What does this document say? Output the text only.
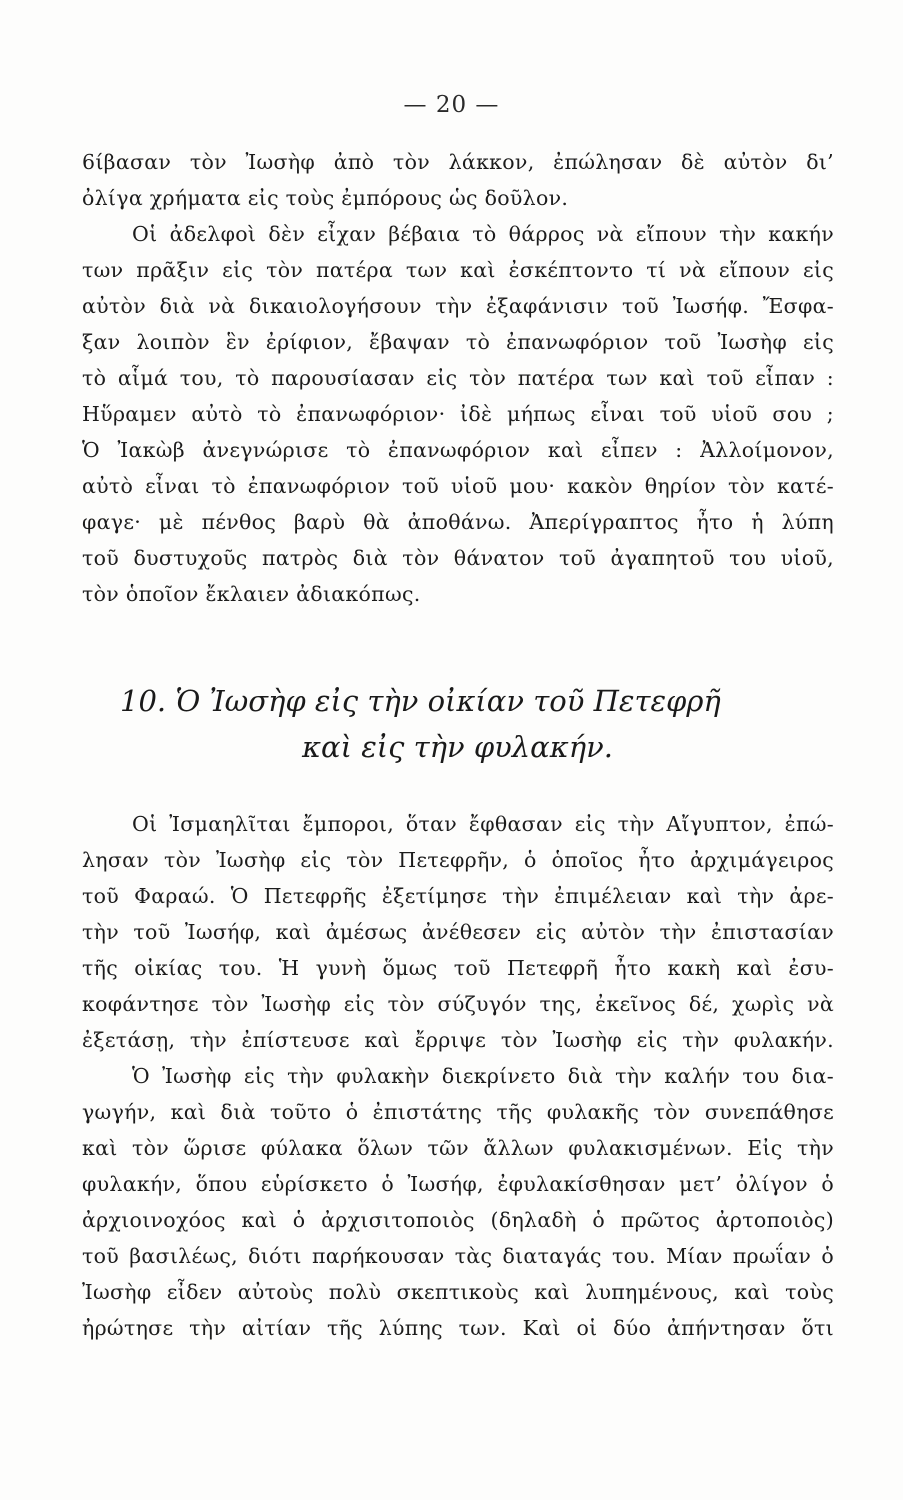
— 20 —
6ίβασαν τὸν Ἰωσὴφ ἀπὸ τὸν λάκκον, ἐπώλησαν δὲ αὐτὸν δι’
ὀλίγα χρήματα εἰς τοὺς ἐμπόρους ὡς δοῦλον.
Οἱ ἀδελφοὶ δὲν εἶχαν βέβαια τὸ θάρρος νὰ εἴπουν τὴν κακήν
των πρᾶξιν εἰς τὸν πατέρα των καὶ ἐσκέπτοντο τί νὰ εἴπουν εἰς
αὐτὸν διὰ νὰ δικαιολογήσουν τὴν ἐξαφάνισιν τοῦ Ἰωσήφ. Ἔσφα-
ξαν λοιπὸν ἓν ἐρίφιον, ἔβαψαν τὸ ἐπανωφόριον τοῦ Ἰωσὴφ εἰς
τὸ αἷμά του, τὸ παρουσίασαν εἰς τὸν πατέρα των καὶ τοῦ εἶπαν :
Ηὕραμεν αὐτὸ τὸ ἐπανωφόριον· ἰδὲ μήπως εἶναι τοῦ υἱοῦ σου ;
Ὁ Ἰακὼβ ἀνεγνώρισε τὸ ἐπανωφόριον καὶ εἶπεν : Ἀλλοίμονον,
αὐτὸ εἶναι τὸ ἐπανωφόριον τοῦ υἱοῦ μου· κακὸν θηρίον τὸν κατέ-
φαγε· μὲ πένθος βαρὺ θὰ ἀποθάνω. Ἀπερίγραπτος ἦτο ἡ λύπη
τοῦ δυστυχοῦς πατρὸς διὰ τὸν θάνατον τοῦ ἀγαπητοῦ του υἱοῦ,
τὸν ὁποῖον ἔκλαιεν ἀδιακόπως.
10. Ὁ Ἰωσὴφ εἰς τὴν οἰκίαν τοῦ Πετεφρῆ
καὶ εἰς τὴν φυλακήν.
Οἱ Ἰσμαηλῖται ἔμποροι, ὅταν ἔφθασαν εἰς τὴν Αἴγυπτον, ἐπώ-
λησαν τὸν Ἰωσὴφ εἰς τὸν Πετεφρῆν, ὁ ὁποῖος ἦτο ἀρχιμάγειρος
τοῦ Φαραώ. Ὁ Πετεφρῆς ἐξετίμησε τὴν ἐπιμέλειαν καὶ τὴν ἀρε-
τὴν τοῦ Ἰωσήφ, καὶ ἀμέσως ἀνέθεσεν εἰς αὐτὸν τὴν ἐπιστασίαν
τῆς οἰκίας του. Ἡ γυνὴ ὅμως τοῦ Πετεφρῆ ἦτο κακὴ καὶ ἐσυ-
κοφάντησε τὸν Ἰωσὴφ εἰς τὸν σύζυγόν της, ἐκεῖνος δέ, χωρὶς νὰ
ἐξετάσῃ, τὴν ἐπίστευσε καὶ ἔρριψε τὸν Ἰωσὴφ εἰς τὴν φυλακήν.
Ὁ Ἰωσὴφ εἰς τὴν φυλακὴν διεκρίνετο διὰ τὴν καλήν του δια-
γωγήν, καὶ διὰ τοῦτο ὁ ἐπιστάτης τῆς φυλακῆς τὸν συνεπάθησε
καὶ τὸν ὥρισε φύλακα ὅλων τῶν ἄλλων φυλακισμένων. Εἰς τὴν
φυλακήν, ὅπου εὑρίσκετο ὁ Ἰωσήφ, ἐφυλακίσθησαν μετ’ ὀλίγον ὁ
ἀρχιοινοχόος καὶ ὁ ἀρχισιτοποιὸς (δηλαδὴ ὁ πρῶτος ἀρτοποιὸς)
τοῦ βασιλέως, διότι παρήκουσαν τὰς διαταγάς του. Μίαν πρωΐαν ὁ
Ἰωσὴφ εἶδεν αὐτοὺς πολὺ σκεπτικοὺς καὶ λυπημένους, καὶ τοὺς
ἠρώτησε τὴν αἰτίαν τῆς λύπης των. Καὶ οἱ δύο ἀπήντησαν ὅτι
